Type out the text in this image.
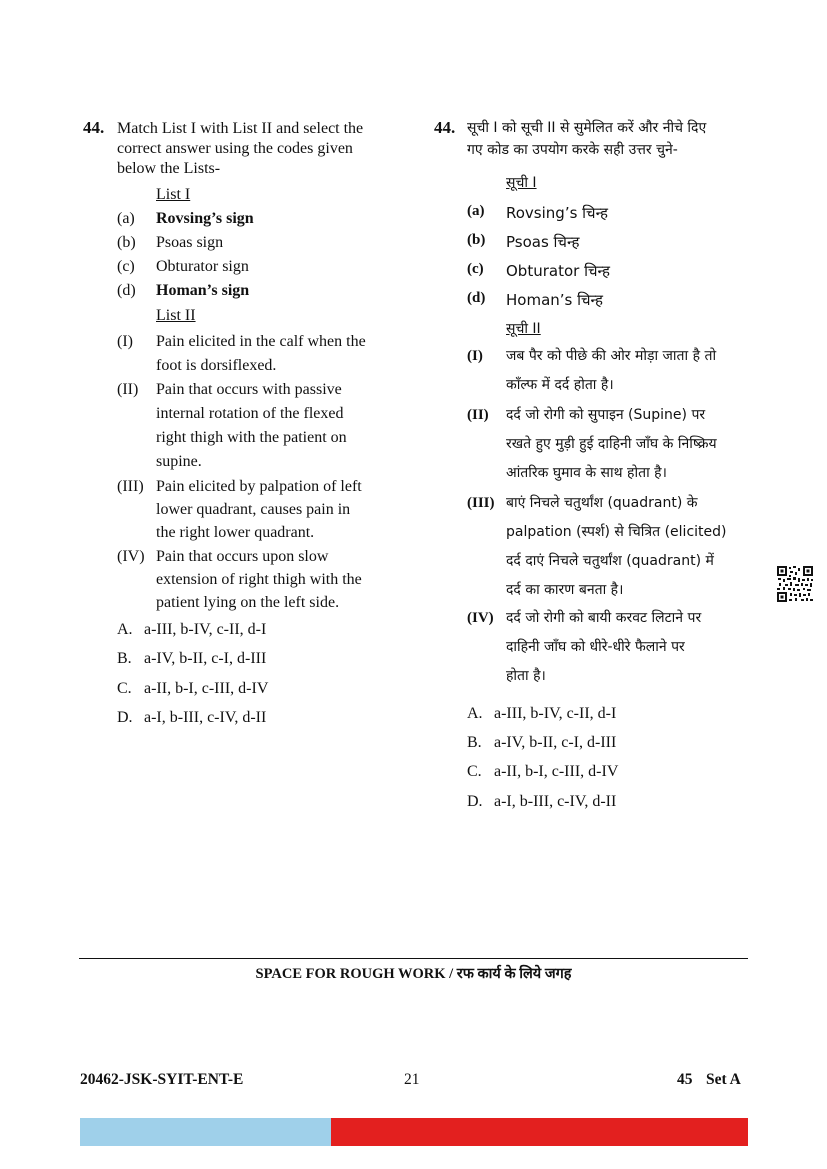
44. Match List I with List II and select the
correct answer using the codes given
below the Lists-
List I
(a) Rovsing’s sign
(b) Psoas sign
(c) Obturator sign
(d) Homan’s sign
List II
(I) Pain elicited in the calf when the
foot is dorsiflexed.
(II) Pain that occurs with passive
internal rotation of the flexed
right thigh with the patient on
supine.
(III) Pain elicited by palpation of left
lower quadrant, causes pain in
the right lower quadrant.
(IV) Pain that occurs upon slow
extension of right thigh with the
patient lying on the left side.
A. a-III, b-IV, c-II, d-I
B. a-IV, b-II, c-I, d-III
C. a-II, b-I, c-III, d-IV
D. a-I, b-III, c-IV, d-II
44. सूची I को सूची II से सुमेलित करें और नीचे दिए
गए कोड का उपयोग करके सही उत्तर चुने-
सूची I
(a) Rovsing’s चिन्ह
(b) Psoas चिन्ह
(c) Obturator चिन्ह
(d) Homan’s चिन्ह
सूची II
(I) जब पैर को पीछे की ओर मोड़ा जाता है तो
काँल्फ में दर्द होता है।
(II) दर्द जो रोगी को सुपाइन (Supine) पर
रखते हुए मुड़ी हुई दाहिनी जाँघ के निष्क्रिय
आंतरिक घुमाव के साथ होता है।
(III) बाएं निचले चतुर्थांश (quadrant) के
palpation (स्पर्श) से चित्रित (elicited)
दर्द दाएं निचले चतुर्थांश (quadrant) में
दर्द का कारण बनता है।
(IV) दर्द जो रोगी को बायी करवट लिटाने पर
दाहिनी जाँघ को धीरे-धीरे फैलाने पर
होता है।
A. a-III, b-IV, c-II, d-I
B. a-IV, b-II, c-I, d-III
C. a-II, b-I, c-III, d-IV
D. a-I, b-III, c-IV, d-II
SPACE FOR ROUGH WORK / रफ कार्य के लिये जगह
20462-JSK-SYIT-ENT-E	21	45 Set A
